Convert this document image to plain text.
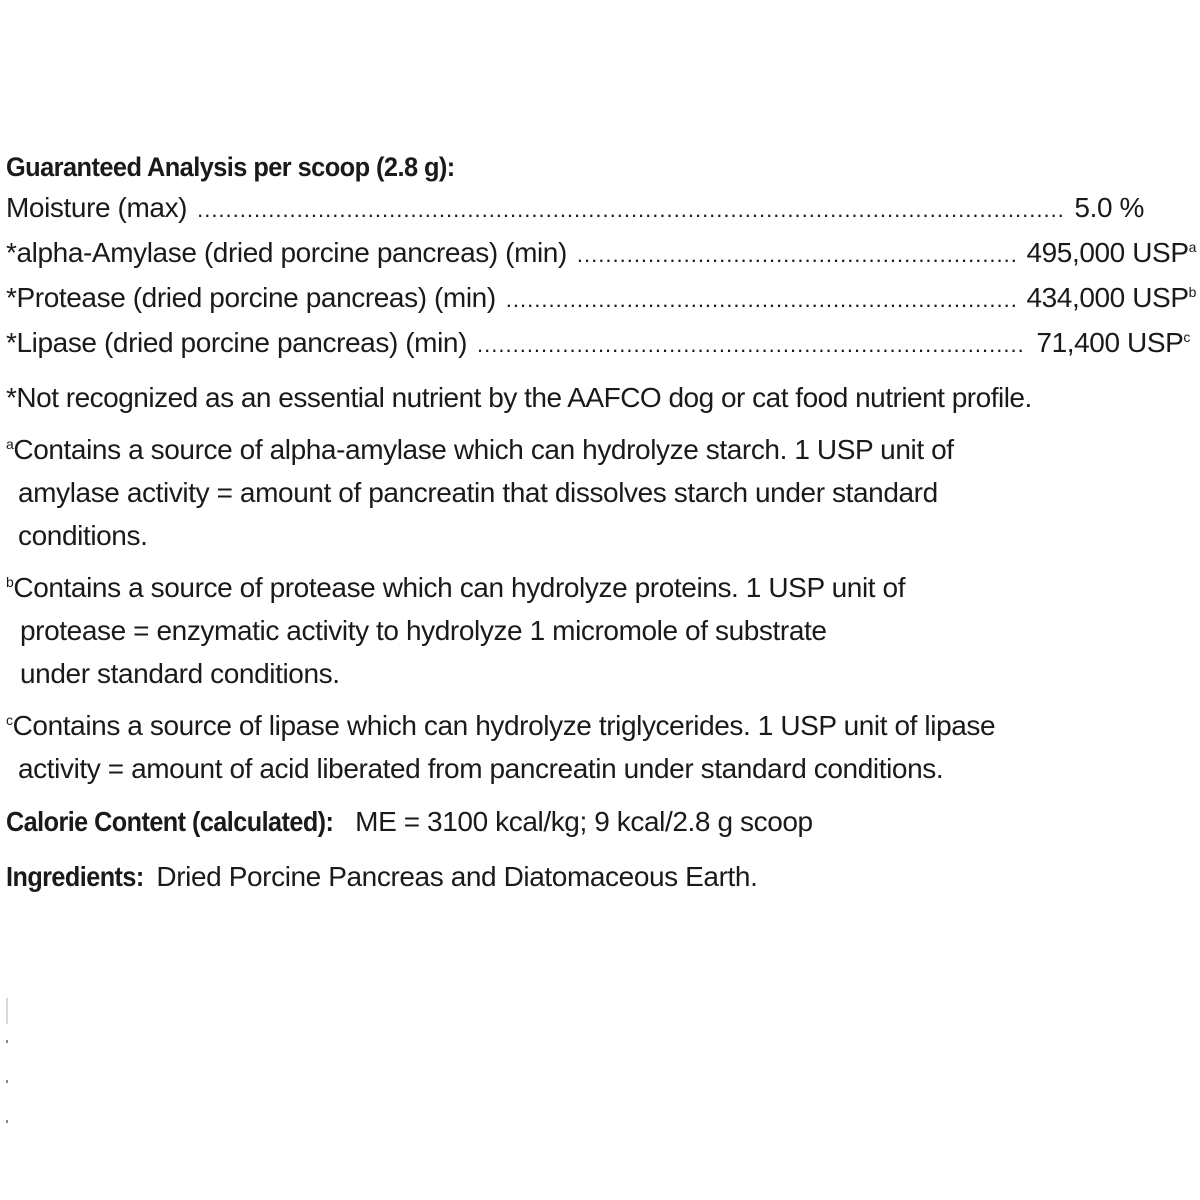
Guaranteed Analysis per scoop (2.8 g):
Moisture (max) .....	5.0 %
*alpha-Amylase (dried porcine pancreas) (min) .....	495,000 USP$^a$
*Protease (dried porcine pancreas) (min) .....	434,000 USP$^b$
*Lipase (dried porcine pancreas) (min) .....	71,400 USP$^c$
*Not recognized as an essential nutrient by the AAFCO dog or cat food nutrient profile.
$^a$Contains a source of alpha-amylase which can hydrolyze starch. 1 USP unit of
amylase activity = amount of pancreatin that dissolves starch under standard
conditions.
$^b$Contains a source of protease which can hydrolyze proteins. 1 USP unit of
protease = enzymatic activity to hydrolyze 1 micromole of substrate
under standard conditions.
$^c$Contains a source of lipase which can hydrolyze triglycerides. 1 USP unit of lipase
activity = amount of acid liberated from pancreatin under standard conditions.
Calorie Content (calculated): ME = 3100 kcal/kg; 9 kcal/2.8 g scoop
Ingredients: Dried Porcine Pancreas and Diatomaceous Earth.
